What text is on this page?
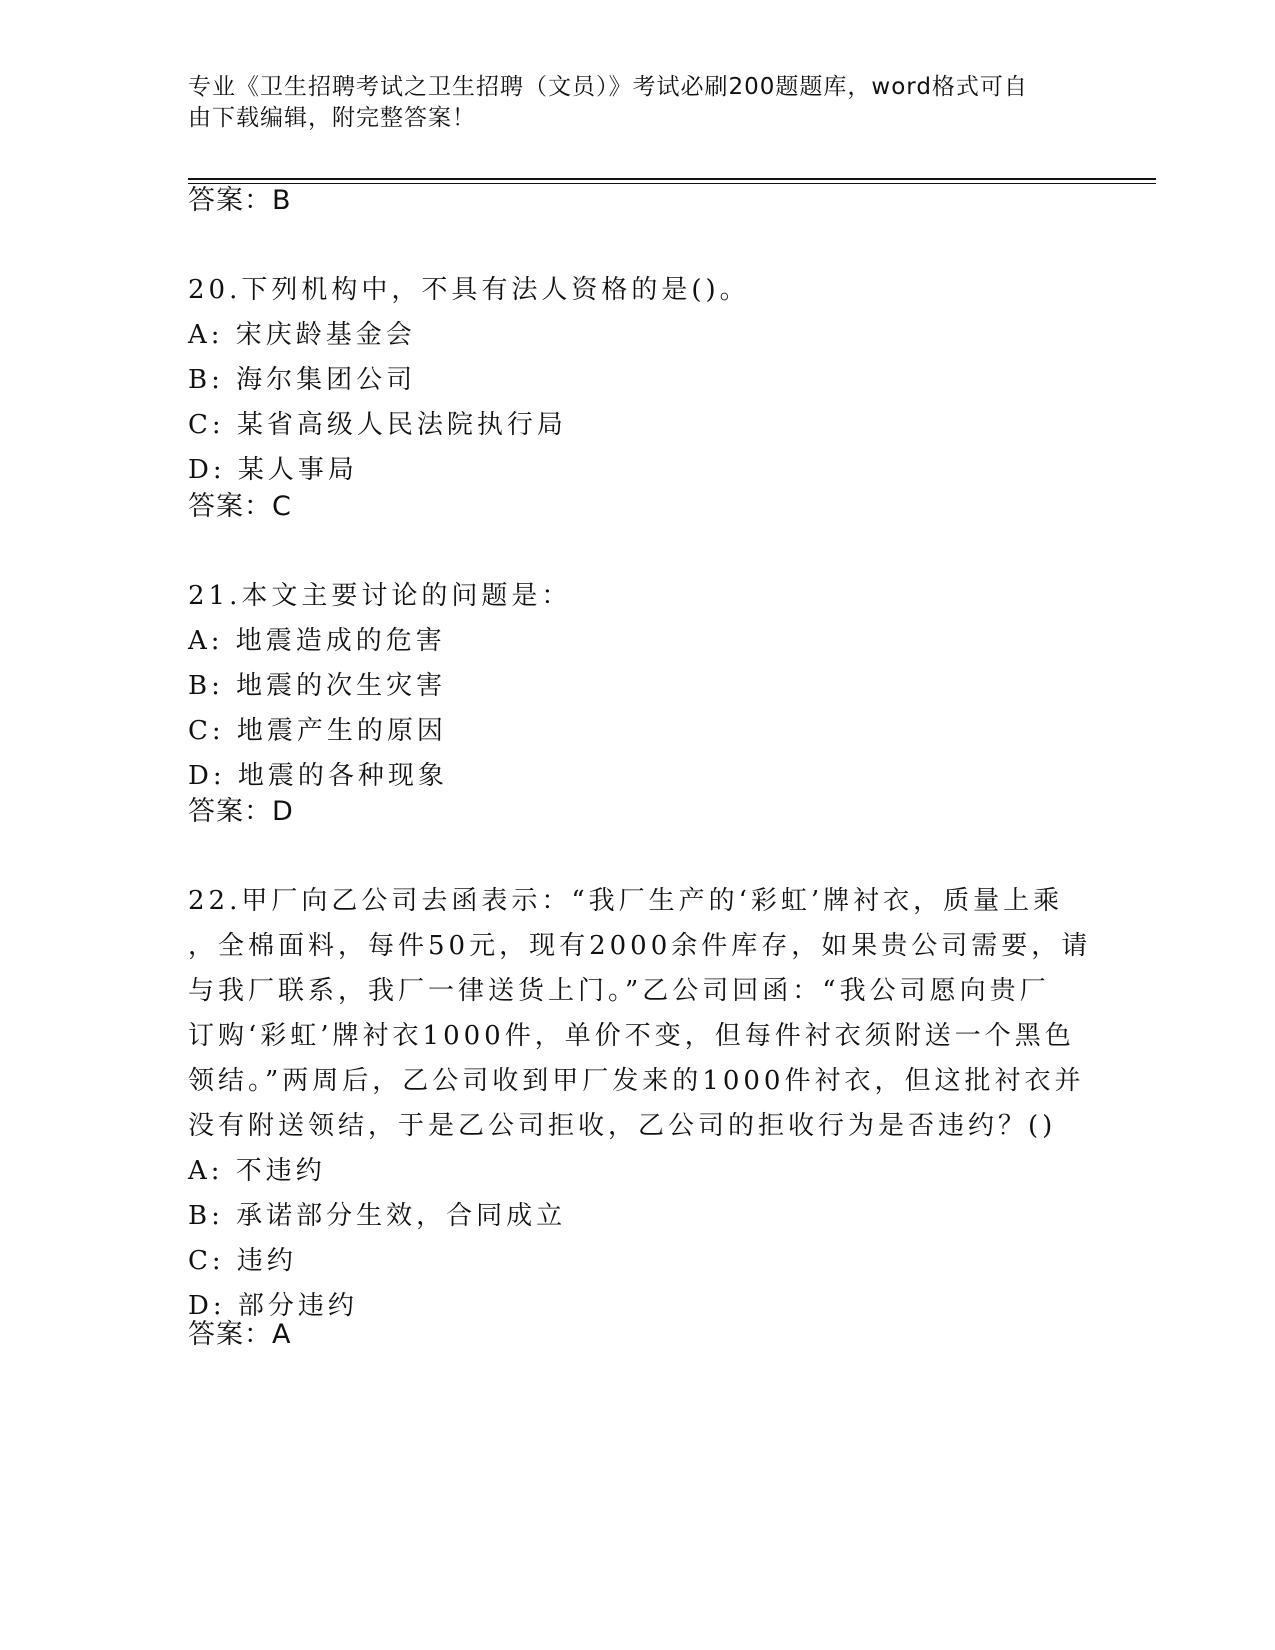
专业《卫生招聘考试之卫生招聘（文员）》考试必刷200题题库，word格式可自
由下载编辑，附完整答案！
答案：B
20.下列机构中，不具有法人资格的是()。
A: 宋庆龄基金会
B: 海尔集团公司
C: 某省高级人民法院执行局
D: 某人事局
答案：C
21.本文主要讨论的问题是：
A: 地震造成的危害
B: 地震的次生灾害
C: 地震产生的原因
D: 地震的各种现象
答案：D
22.甲厂向乙公司去函表示：“我厂生产的‘彩虹’牌衬衣，质量上乘
，全棉面料，每件50元，现有2000余件库存，如果贵公司需要，请
与我厂联系，我厂一律送货上门。”乙公司回函：“我公司愿向贵厂
订购‘彩虹’牌衬衣1000件，单价不变，但每件衬衣须附送一个黑色
领结。”两周后，乙公司收到甲厂发来的1000件衬衣，但这批衬衣并
没有附送领结，于是乙公司拒收，乙公司的拒收行为是否违约？()
A: 不违约
B: 承诺部分生效，合同成立
C: 违约
D: 部分违约
答案：A
